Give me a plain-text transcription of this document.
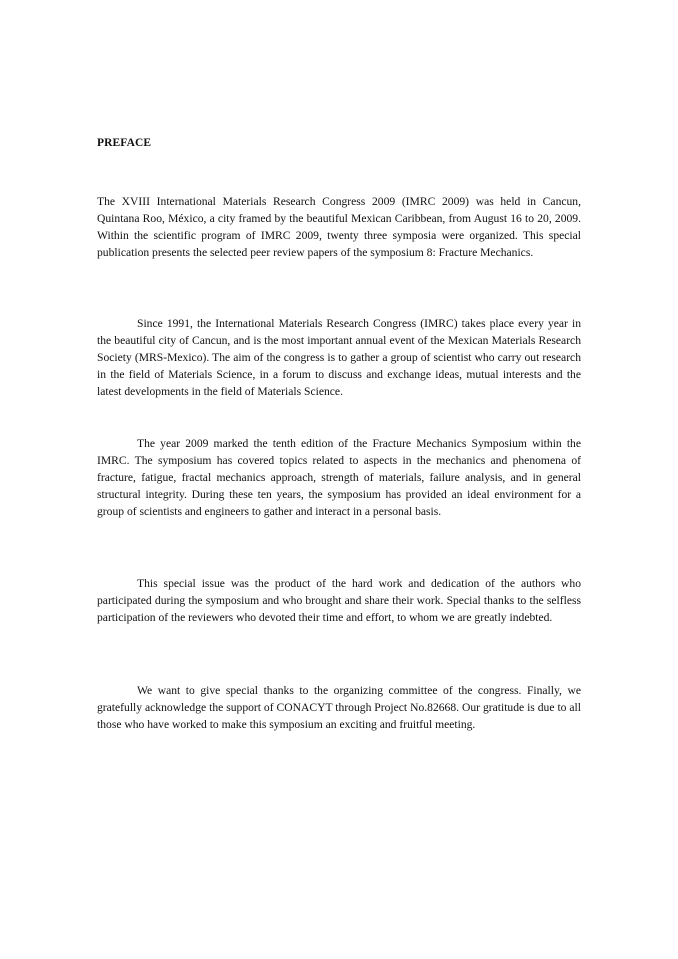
PREFACE

The XVIII International Materials Research Congress 2009 (IMRC 2009) was held in Cancun, Quintana Roo, México, a city framed by the beautiful Mexican Caribbean, from August 16 to 20, 2009. Within the scientific program of IMRC 2009, twenty three symposia were organized. This special publication presents the selected peer review papers of the symposium 8: Fracture Mechanics.

Since 1991, the International Materials Research Congress (IMRC) takes place every year in the beautiful city of Cancun, and is the most important annual event of the Mexican Materials Research Society (MRS-Mexico). The aim of the congress is to gather a group of scientist who carry out research in the field of Materials Science, in a forum to discuss and exchange ideas, mutual interests and the latest developments in the field of Materials Science.

The year 2009 marked the tenth edition of the Fracture Mechanics Symposium within the IMRC. The symposium has covered topics related to aspects in the mechanics and phenomena of fracture, fatigue, fractal mechanics approach, strength of materials, failure analysis, and in general structural integrity. During these ten years, the symposium has provided an ideal environment for a group of scientists and engineers to gather and interact in a personal basis.

This special issue was the product of the hard work and dedication of the authors who participated during the symposium and who brought and share their work. Special thanks to the selfless participation of the reviewers who devoted their time and effort, to whom we are greatly indebted.

We want to give special thanks to the organizing committee of the congress. Finally, we gratefully acknowledge the support of CONACYT through Project No.82668. Our gratitude is due to all those who have worked to make this symposium an exciting and fruitful meeting.
